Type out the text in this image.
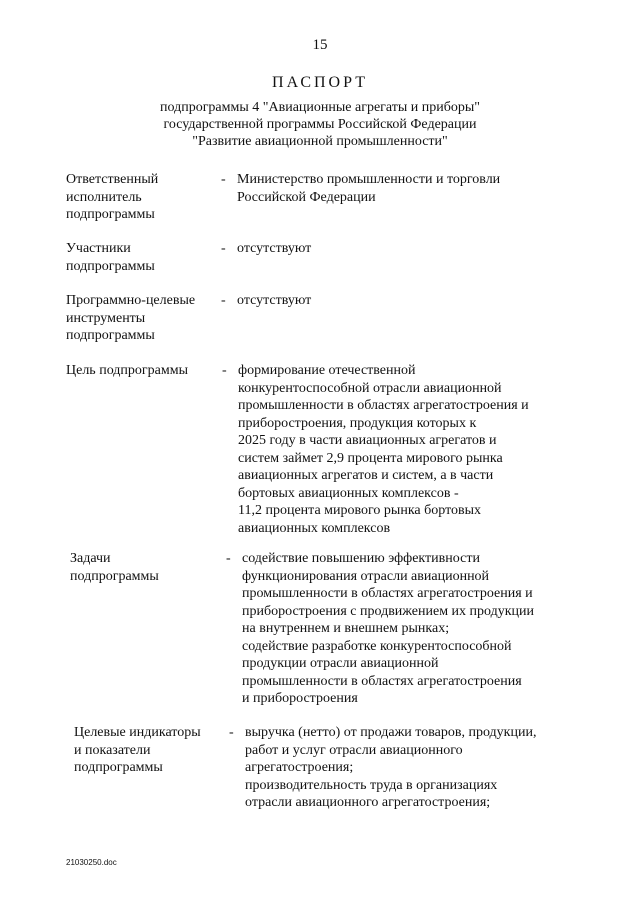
15
ПАСПОРТ
подпрограммы 4 "Авиационные агрегаты и приборы"
государственной программы Российской Федерации
"Развитие авиационной промышленности"
Ответственный
исполнитель
подпрограммы
- Министерство промышленности и торговли
Российской Федерации
Участники
подпрограммы
- отсутствуют
Программно-целевые
инструменты
подпрограммы
- отсутствуют
Цель подпрограммы - формирование отечественной
конкурентоспособной отрасли авиационной
промышленности в областях агрегатостроения и
приборостроения, продукция которых к
2025 году в части авиационных агрегатов и
систем займет 2,9 процента мирового рынка
авиационных агрегатов и систем, а в части
бортовых авиационных комплексов -
11,2 процента мирового рынка бортовых
авиационных комплексов
Задачи
подпрограммы
- содействие повышению эффективности
функционирования отрасли авиационной
промышленности в областях агрегатостроения и
приборостроения с продвижением их продукции
на внутреннем и внешнем рынках;
содействие разработке конкурентоспособной
продукции отрасли авиационной
промышленности в областях агрегатостроения
и приборостроения
Целевые индикаторы
и показатели
подпрограммы
- выручка (нетто) от продажи товаров, продукции,
работ и услуг отрасли авиационного
агрегатостроения;
производительность труда в организациях
отрасли авиационного агрегатостроения;
21030250.doc
